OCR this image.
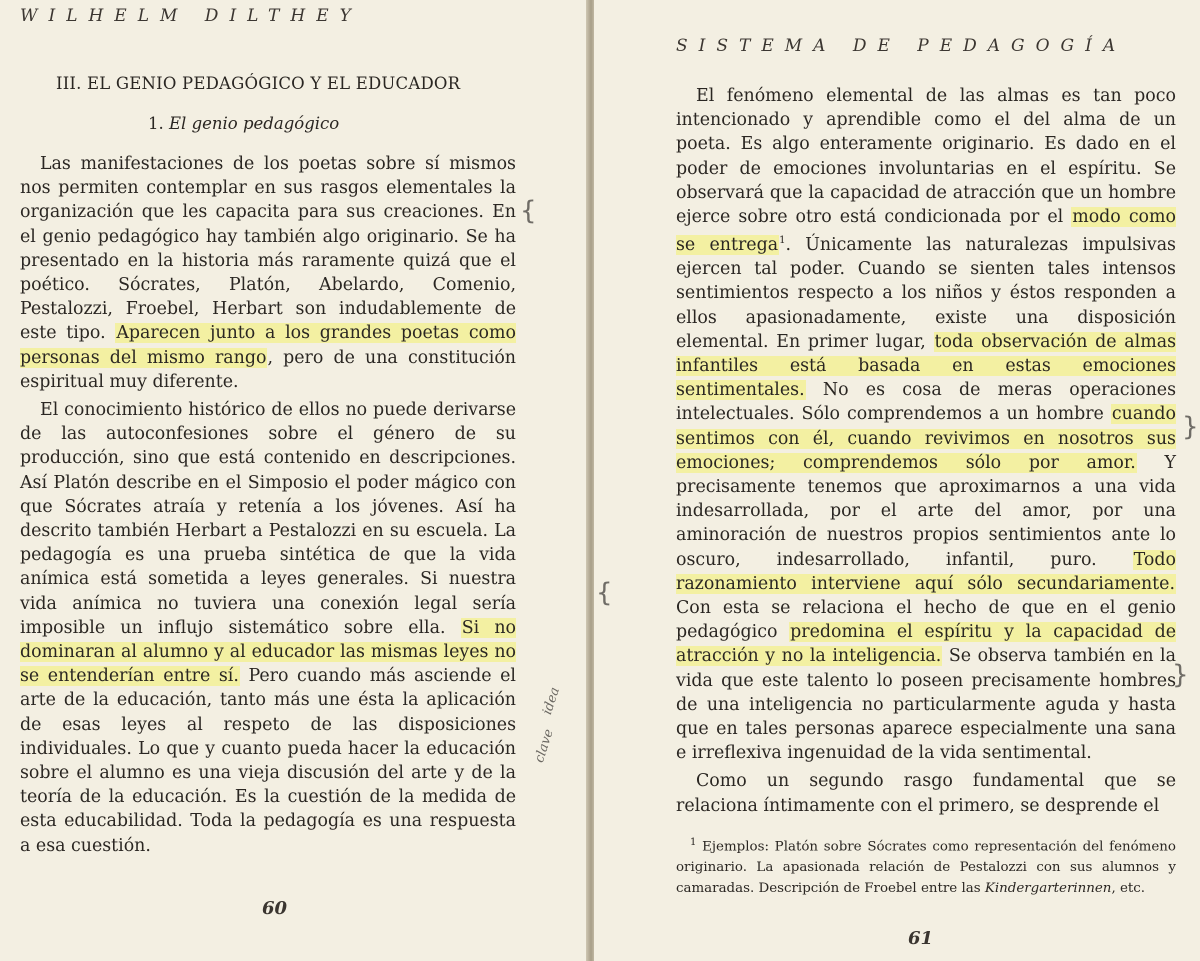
WILHELM DILTHEY
III. EL GENIO PEDAGÓGICO Y EL EDUCADOR
1. El genio pedagógico

Las manifestaciones de los poetas sobre sí mismos nos permiten contemplar en sus rasgos elementales la organización que les capacita para sus creaciones. En el genio pedagógico hay también algo originario. Se ha presentado en la historia más raramente quizá que el poético. Sócrates, Platón, Abelardo, Comenio, Pestalozzi, Froebel, Herbart son indudablemente de este tipo. Aparecen junto a los grandes poetas como personas del mismo rango, pero de una constitución espiritual muy diferente.

El conocimiento histórico de ellos no puede derivarse de las autoconfesiones sobre el género de su producción, sino que está contenido en descripciones. Así Platón describe en el Simposio el poder mágico con que Sócrates atraía y retenía a los jóvenes. Así ha descrito también Herbart a Pestalozzi en su escuela. La pedagogía es una prueba sintética de que la vida anímica está sometida a leyes generales. Si nuestra vida anímica no tuviera una conexión legal sería imposible un influjo sistemático sobre ella. Si no dominaran al alumno y al educador las mismas leyes no se entenderían entre sí. Pero cuando más asciende el arte de la educación, tanto más une ésta la aplicación de esas leyes al respeto de las disposiciones individuales. Lo que y cuanto pueda hacer la educación sobre el alumno es una vieja discusión del arte y de la teoría de la educación. Es la cuestión de la medida de esta educabilidad. Toda la pedagogía es una respuesta a esa cuestión.

idea
clave
{
60
SISTEMA DE PEDAGOGÍA

El fenómeno elemental de las almas es tan poco intencionado y aprendible como el del alma de un poeta. Es algo enteramente originario. Es dado en el poder de emociones involuntarias en el espíritu. Se observará que la capacidad de atracción que un hombre ejerce sobre otro está condicionada por el modo como se entrega$^1$. Únicamente las naturalezas impulsivas ejercen tal poder. Cuando se sienten tales intensos sentimientos respecto a los niños y éstos responden a ellos apasionadamente, existe una disposición elemental. En primer lugar, toda observación de almas infantiles está basada en estas emociones sentimentales. No es cosa de meras operaciones intelectuales. Sólo comprendemos a un hombre cuando sentimos con él, cuando revivimos en nosotros sus emociones; comprendemos sólo por amor. Y precisamente tenemos que aproximarnos a una vida indesarrollada, por el arte del amor, por una aminoración de nuestros propios sentimientos ante lo oscuro, indesarrollado, infantil, puro. Todo razonamiento interviene aquí sólo secundariamente. Con esta se relaciona el hecho de que en el genio pedagógico predomina el espíritu y la capacidad de atracción y no la inteligencia. Se observa también en la vida que este talento lo poseen precisamente hombres de una inteligencia no particularmente aguda y hasta que en tales personas aparece especialmente una sana e irreflexiva ingenuidad de la vida sentimental.

Como un segundo rasgo fundamental que se relaciona íntimamente con el primero, se desprende el

{
}
}
$^1$ Ejemplos: Platón sobre Sócrates como representación del fenómeno originario. La apasionada relación de Pestalozzi con sus alumnos y camaradas. Descripción de Froebel entre las Kindergarterinnen, etc.
61
